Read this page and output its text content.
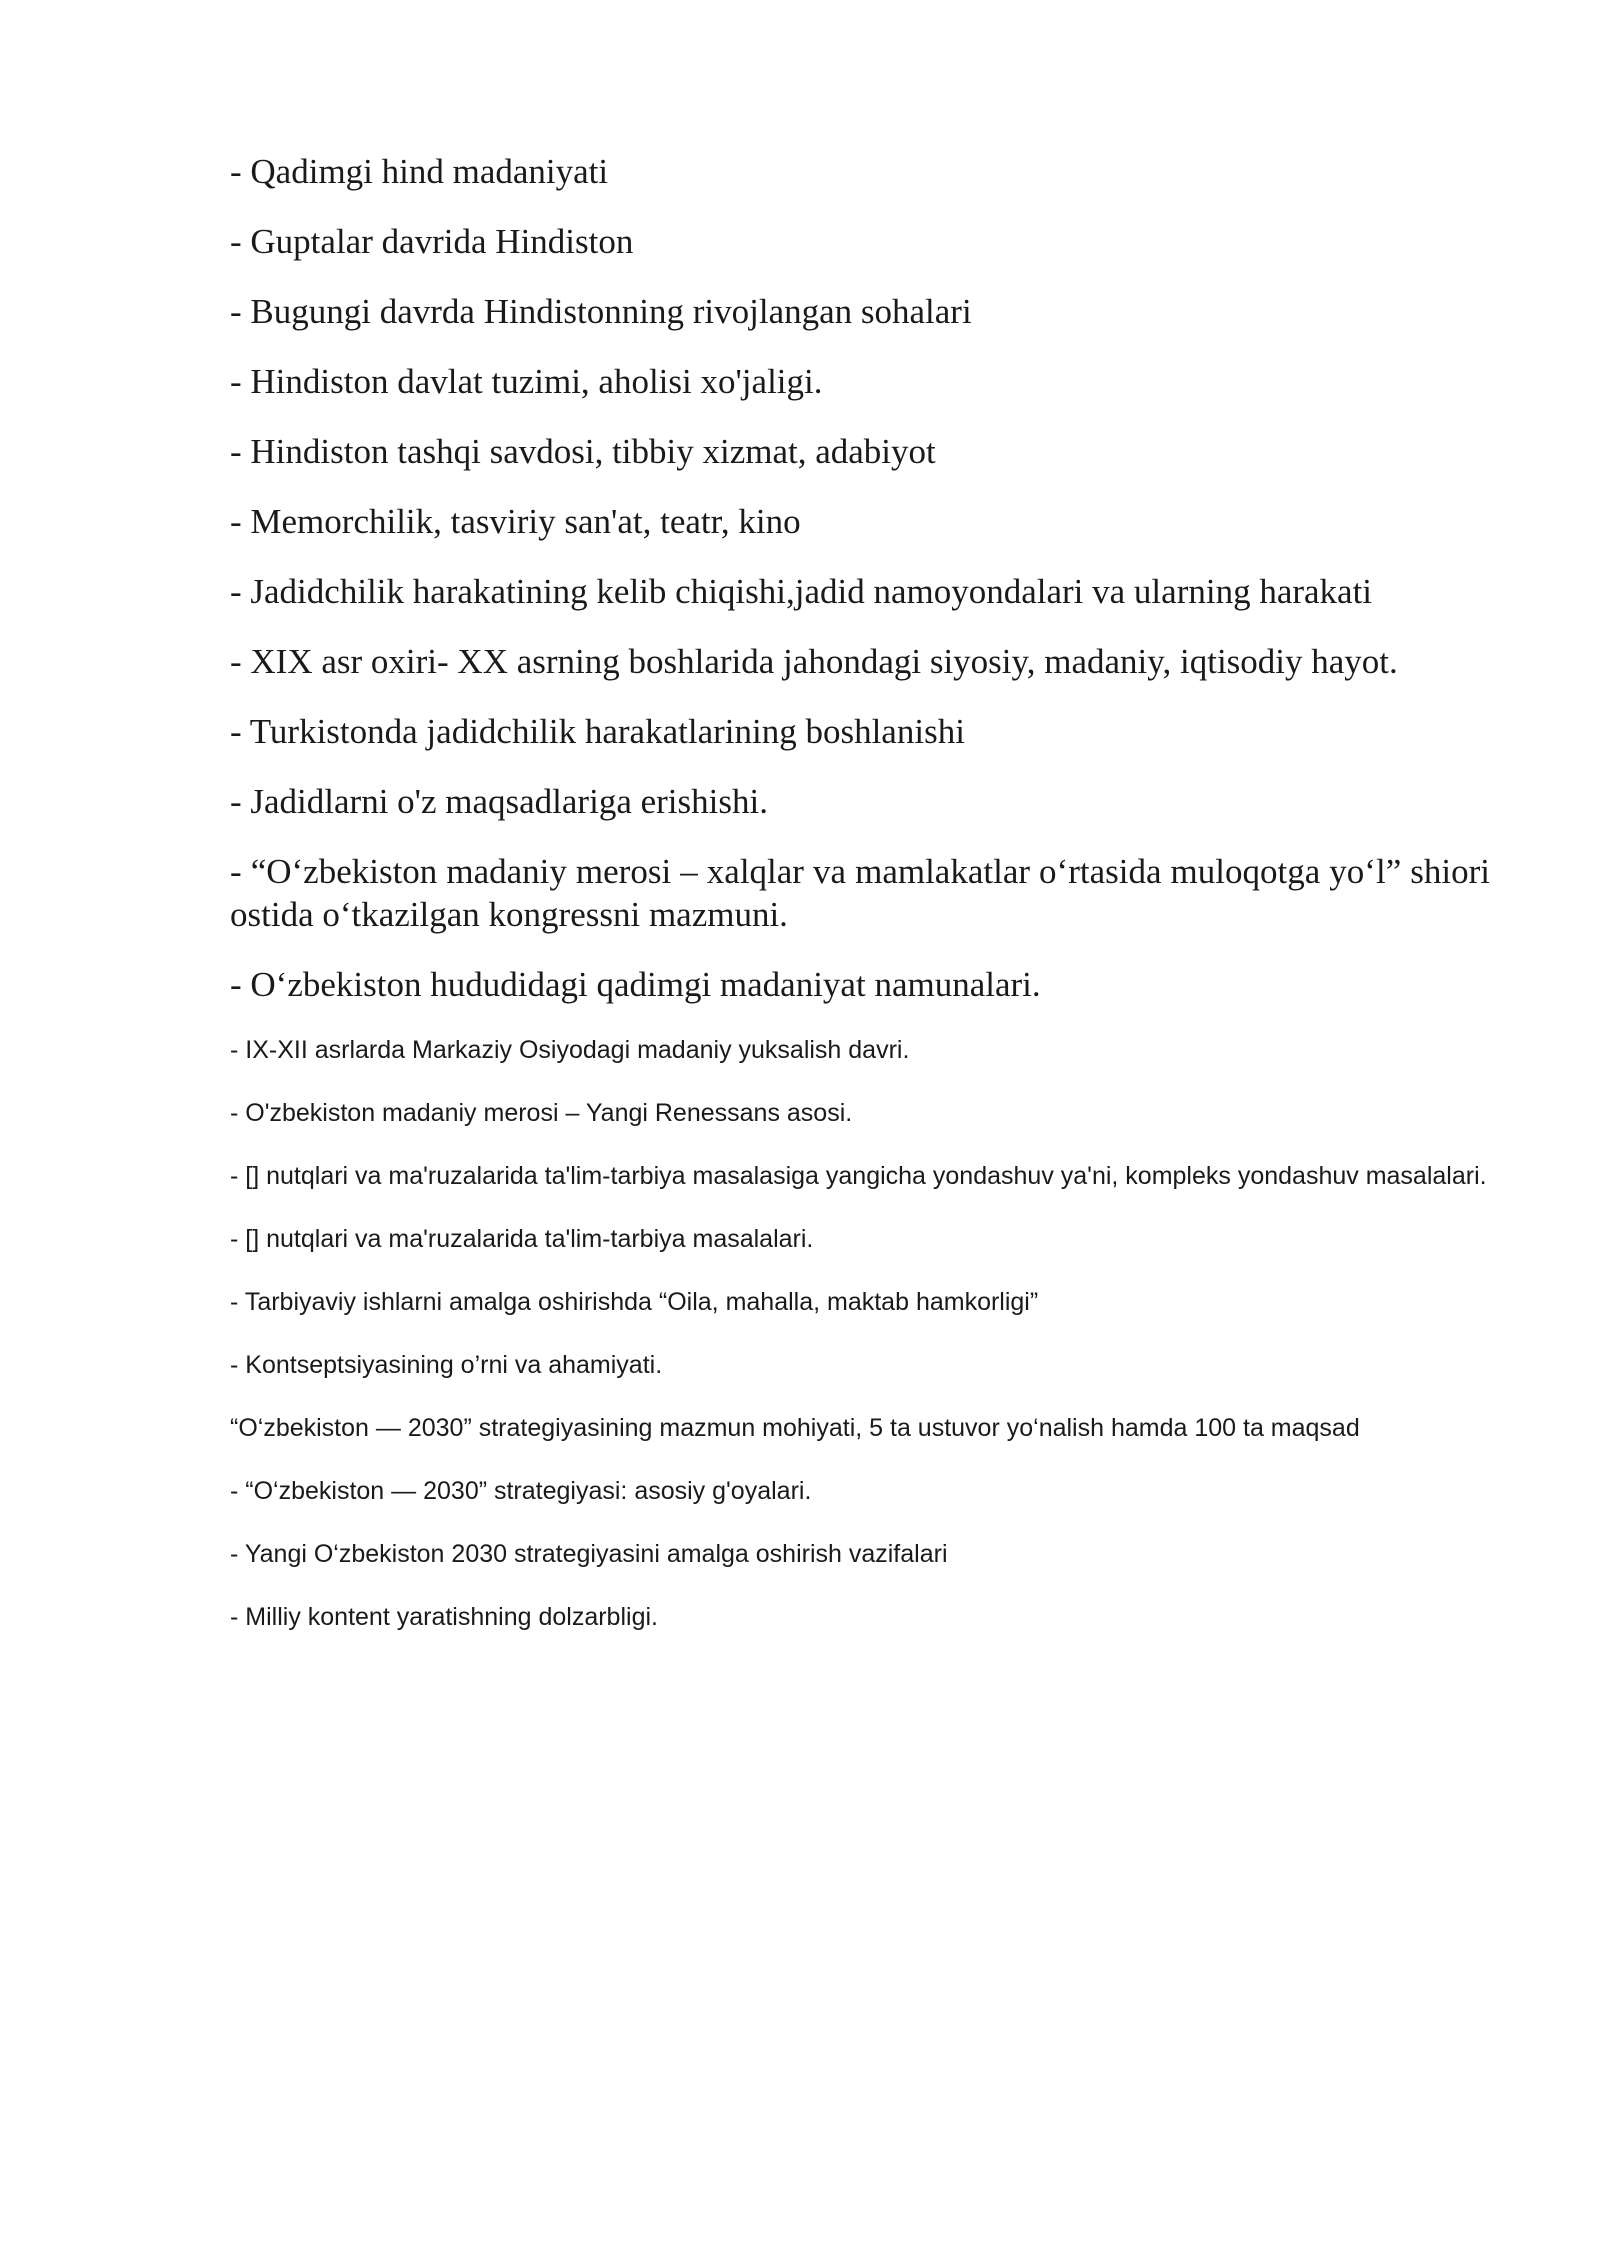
- Qadimgi hind madaniyati

- Guptalar davrida Hindiston

- Bugungi davrda Hindistonning rivojlangan sohalari

- Hindiston davlat tuzimi, aholisi xo'jaligi.

- Hindiston tashqi savdosi, tibbiy xizmat, adabiyot

- Memorchilik, tasviriy san'at, teatr, kino

- Jadidchilik harakatining kelib chiqishi,jadid namoyondalari va ularning harakati

- XIX asr oxiri- XX asrning boshlarida jahondagi siyosiy, madaniy, iqtisodiy hayot.

- Turkistonda jadidchilik harakatlarining boshlanishi

- Jadidlarni o'z maqsadlariga erishishi.

- “O‘zbekiston madaniy merosi – xalqlar va mamlakatlar o‘rtasida muloqotga yo‘l” shiori ostida o‘tkazilgan kongressni mazmuni.

- O‘zbekiston hududidagi qadimgi madaniyat namunalari.

- IX-XII asrlarda Markaziy Osiyodagi madaniy yuksalish davri.

- O'zbekiston madaniy merosi – Yangi Renessans asosi.

- [] nutqlari va ma'ruzalarida ta'lim-tarbiya masalasiga yangicha yondashuv ya'ni, kompleks yondashuv masalalari.

- [] nutqlari va ma'ruzalarida ta'lim-tarbiya masalalari.

- Tarbiyaviy ishlarni amalga oshirishda “Oila, mahalla, maktab hamkorligi”

- Kontseptsiyasining o’rni va ahamiyati.

“O‘zbekiston — 2030” strategiyasining mazmun mohiyati, 5 ta ustuvor yo‘nalish hamda 100 ta maqsad

- “O‘zbekiston — 2030” strategiyasi: asosiy g'oyalari.

- Yangi O‘zbekiston 2030 strategiyasini amalga oshirish vazifalari

- Milliy kontent yaratishning dolzarbligi.
